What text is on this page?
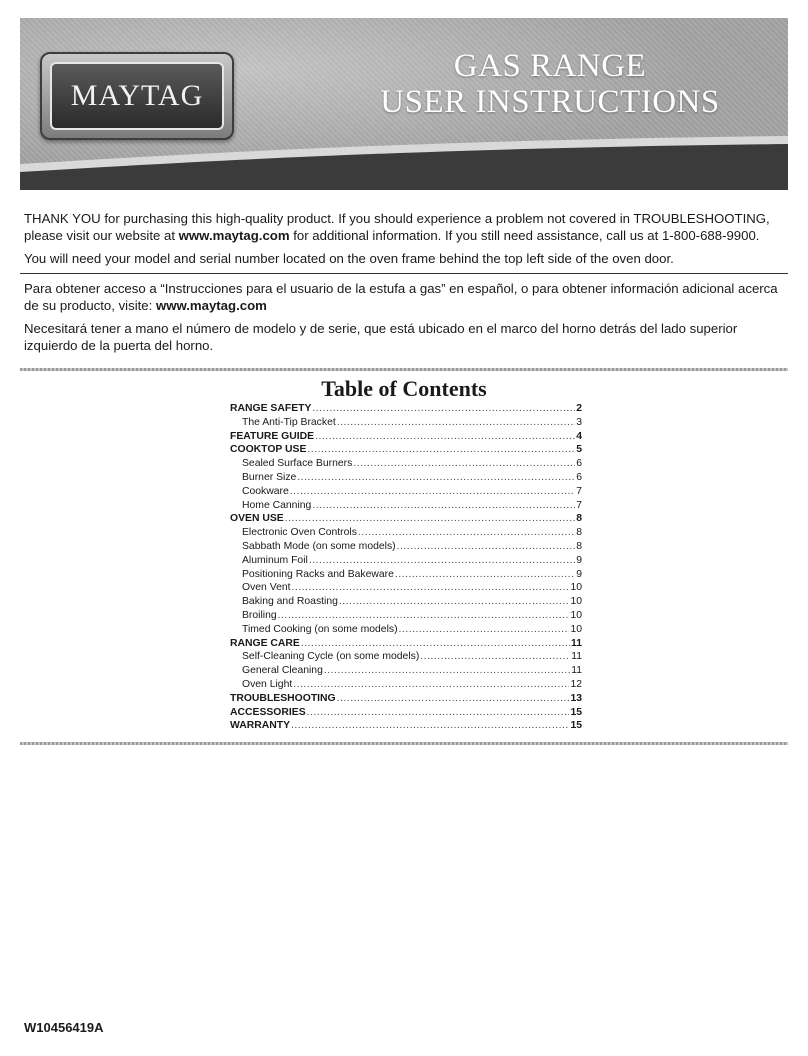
MAYTAG
GAS RANGE
USER INSTRUCTIONS

THANK YOU for purchasing this high-quality product. If you should experience a problem not covered in TROUBLESHOOTING, please visit our website at www.maytag.com for additional information. If you still need assistance, call us at 1-800-688-9900.

You will need your model and serial number located on the oven frame behind the top left side of the oven door.

Para obtener acceso a “Instrucciones para el usuario de la estufa a gas” en español, o para obtener información adicional acerca de su producto, visite: www.maytag.com

Necesitará tener a mano el número de modelo y de serie, que está ubicado en el marco del horno detrás del lado superior izquierdo de la puerta del horno.

Table of Contents
RANGE SAFETY .....	2
The Anti-Tip Bracket .....	3
FEATURE GUIDE .....	4
COOKTOP USE .....	5
Sealed Surface Burners .....	6
Burner Size .....	6
Cookware .....	7
Home Canning .....	7
OVEN USE .....	8
Electronic Oven Controls .....	8
Sabbath Mode (on some models) .....	8
Aluminum Foil .....	9
Positioning Racks and Bakeware .....	9
Oven Vent .....	10
Baking and Roasting .....	10
Broiling .....	10
Timed Cooking (on some models) .....	10
RANGE CARE .....	11
Self-Cleaning Cycle (on some models) .....	11
General Cleaning .....	11
Oven Light .....	12
TROUBLESHOOTING .....	13
ACCESSORIES .....	15
WARRANTY .....	15
W10456419A
